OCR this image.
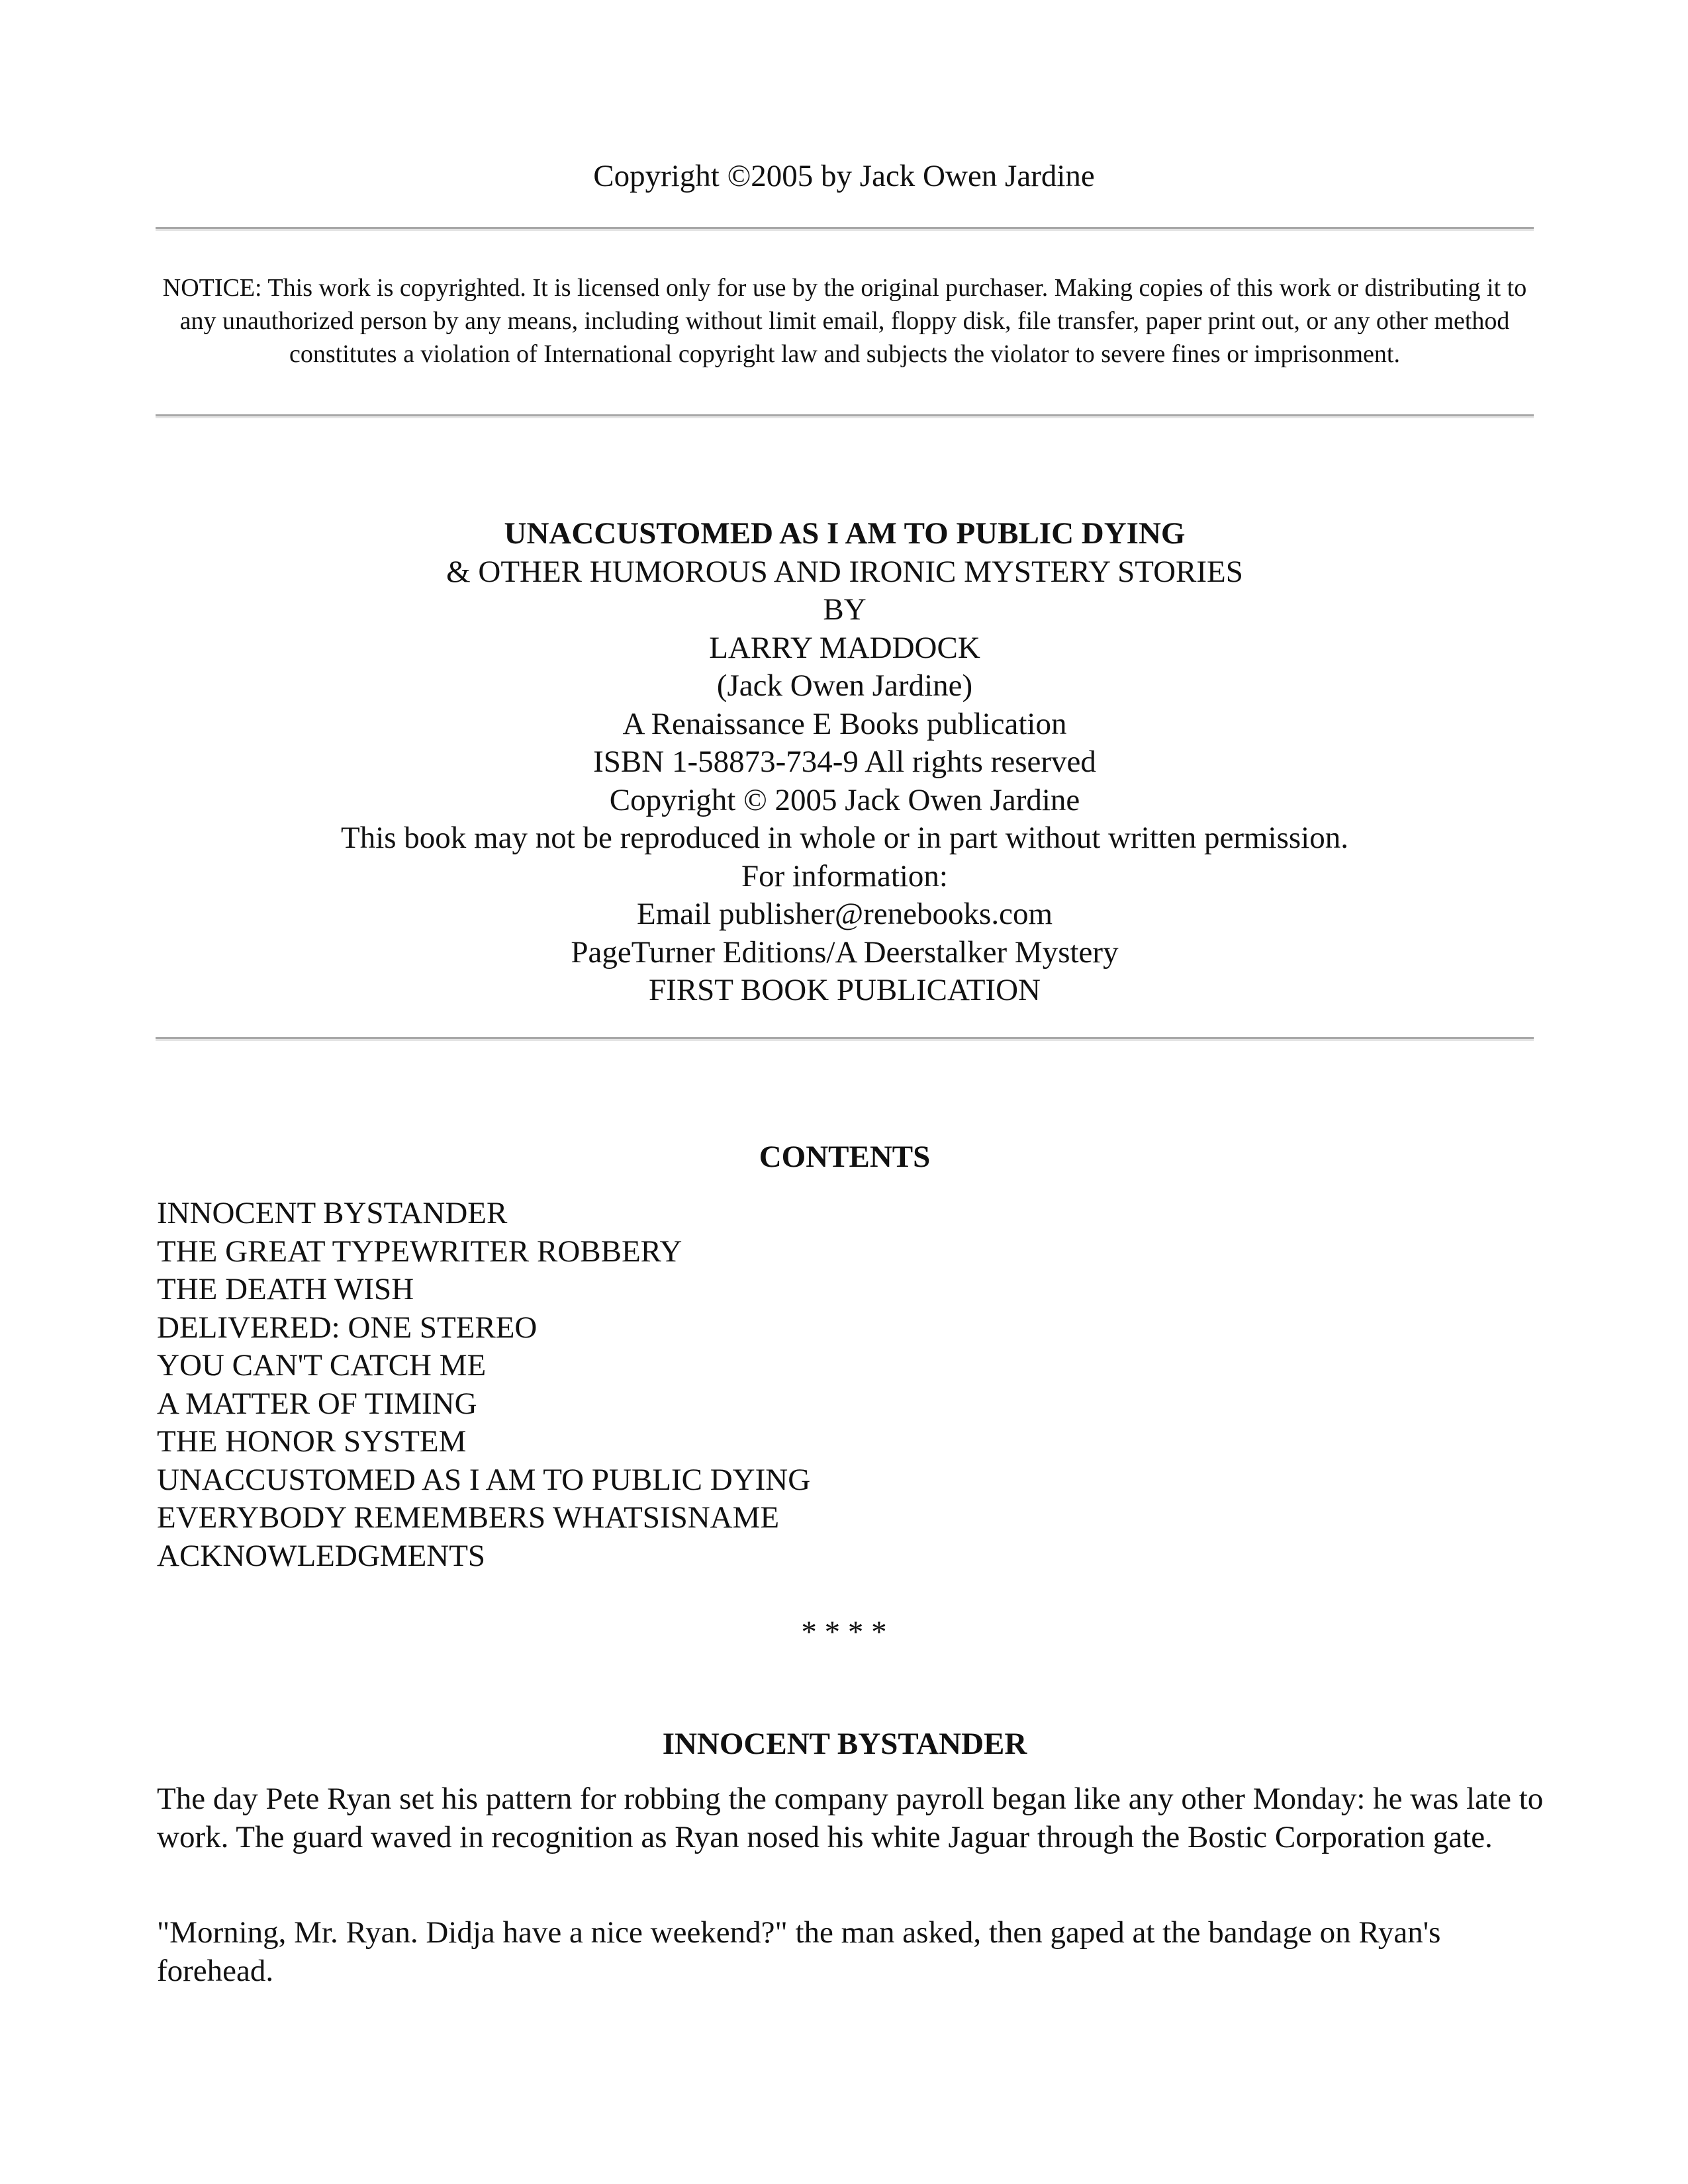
Copyright ©2005 by Jack Owen Jardine
NOTICE: This work is copyrighted. It is licensed only for use by the original purchaser. Making copies of this work or distributing it to any unauthorized person by any means, including without limit email, floppy disk, file transfer, paper print out, or any other method constitutes a violation of International copyright law and subjects the violator to severe fines or imprisonment.
UNACCUSTOMED AS I AM TO PUBLIC DYING
& OTHER HUMOROUS AND IRONIC MYSTERY STORIES
BY
LARRY MADDOCK
(Jack Owen Jardine)
A Renaissance E Books publication
ISBN 1-58873-734-9 All rights reserved
Copyright © 2005 Jack Owen Jardine
This book may not be reproduced in whole or in part without written permission.
For information:
Email publisher@renebooks.com
PageTurner Editions/A Deerstalker Mystery
FIRST BOOK PUBLICATION
CONTENTS
INNOCENT BYSTANDER
THE GREAT TYPEWRITER ROBBERY
THE DEATH WISH
DELIVERED: ONE STEREO
YOU CAN'T CATCH ME
A MATTER OF TIMING
THE HONOR SYSTEM
UNACCUSTOMED AS I AM TO PUBLIC DYING
EVERYBODY REMEMBERS WHATSISNAME
ACKNOWLEDGMENTS
* * * *
INNOCENT BYSTANDER

The day Pete Ryan set his pattern for robbing the company payroll began like any other Monday: he was late to work. The guard waved in recognition as Ryan nosed his white Jaguar through the Bostic Corporation gate.

"Morning, Mr. Ryan. Didja have a nice weekend?" the man asked, then gaped at the bandage on Ryan's forehead.
